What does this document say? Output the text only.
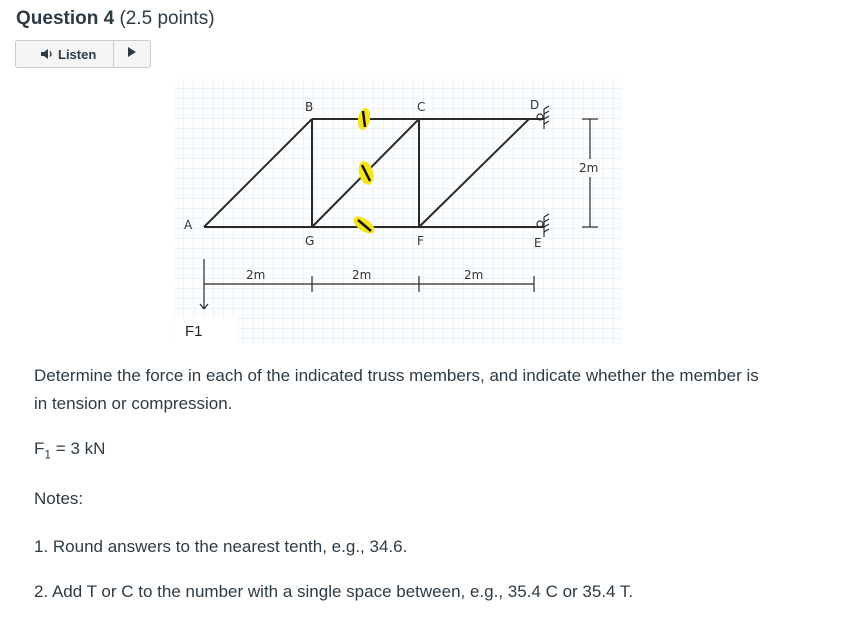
Question 4 (2.5 points)
Listen
A
B	C	D
E
F
G
2m	2m	2m
2m
F1
Determine the force in each of the indicated truss members, and indicate whether the member is in tension or compression.
$F_1 = 3$ kN
Notes:
1. Round answers to the nearest tenth, e.g., 34.6.
2. Add T or C to the number with a single space between, e.g., 35.4 C or 35.4 T.
